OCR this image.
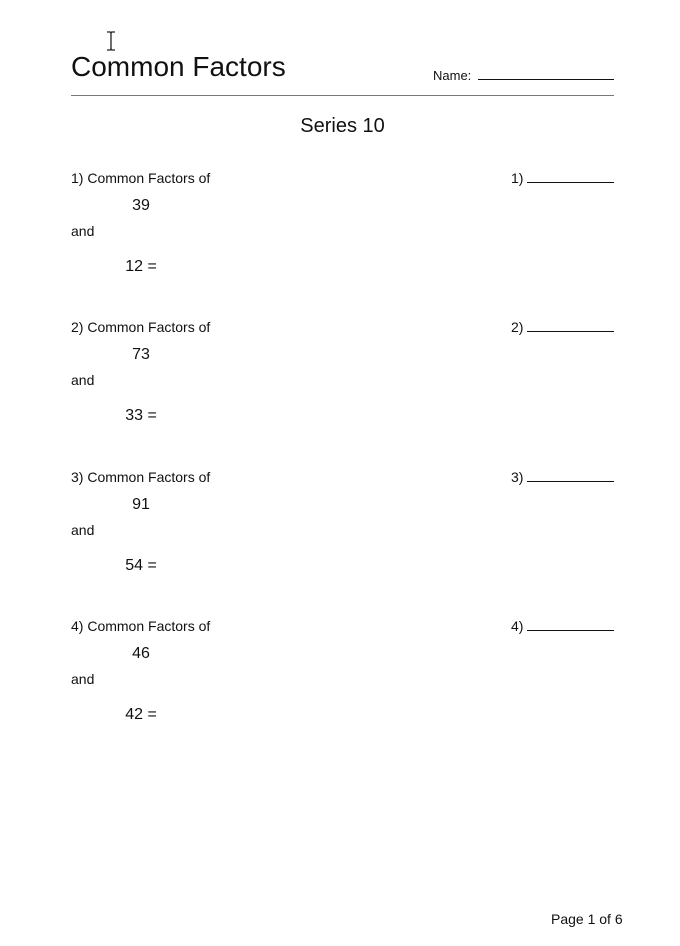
Common Factors	Name:
Series 10
1) Common Factors of
39
and
12 =
1)
2) Common Factors of
73
and
33 =
2)
3) Common Factors of
91
and
54 =
3)
4) Common Factors of
46
and
42 =
4)
Page 1 of 6
